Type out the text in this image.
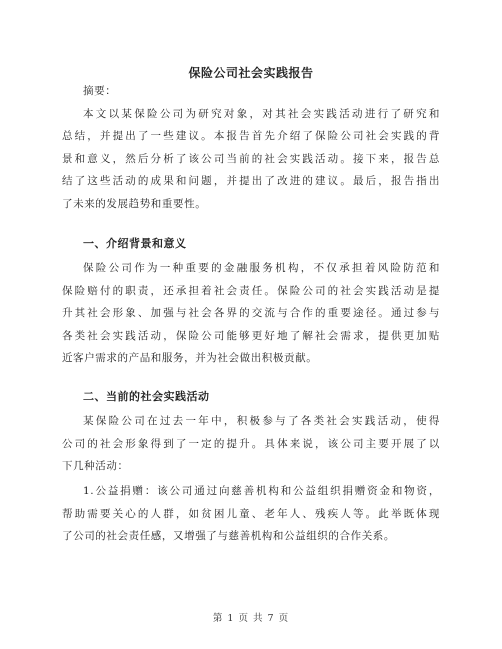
保险公司社会实践报告
摘要：
本文以某保险公司为研究对象，对其社会实践活动进行了研究和
总结，并提出了一些建议。本报告首先介绍了保险公司社会实践的背
景和意义，然后分析了该公司当前的社会实践活动。接下来，报告总
结了这些活动的成果和问题，并提出了改进的建议。最后，报告指出
了未来的发展趋势和重要性。
一、介绍背景和意义
保险公司作为一种重要的金融服务机构，不仅承担着风险防范和
保险赔付的职责，还承担着社会责任。保险公司的社会实践活动是提
升其社会形象、加强与社会各界的交流与合作的重要途径。通过参与
各类社会实践活动，保险公司能够更好地了解社会需求，提供更加贴
近客户需求的产品和服务，并为社会做出积极贡献。
二、当前的社会实践活动
某保险公司在过去一年中，积极参与了各类社会实践活动，使得
公司的社会形象得到了一定的提升。具体来说，该公司主要开展了以
下几种活动：
1.公益捐赠：该公司通过向慈善机构和公益组织捐赠资金和物资，
帮助需要关心的人群，如贫困儿童、老年人、残疾人等。此举既体现
了公司的社会责任感，又增强了与慈善机构和公益组织的合作关系。
第 1 页 共 7 页
